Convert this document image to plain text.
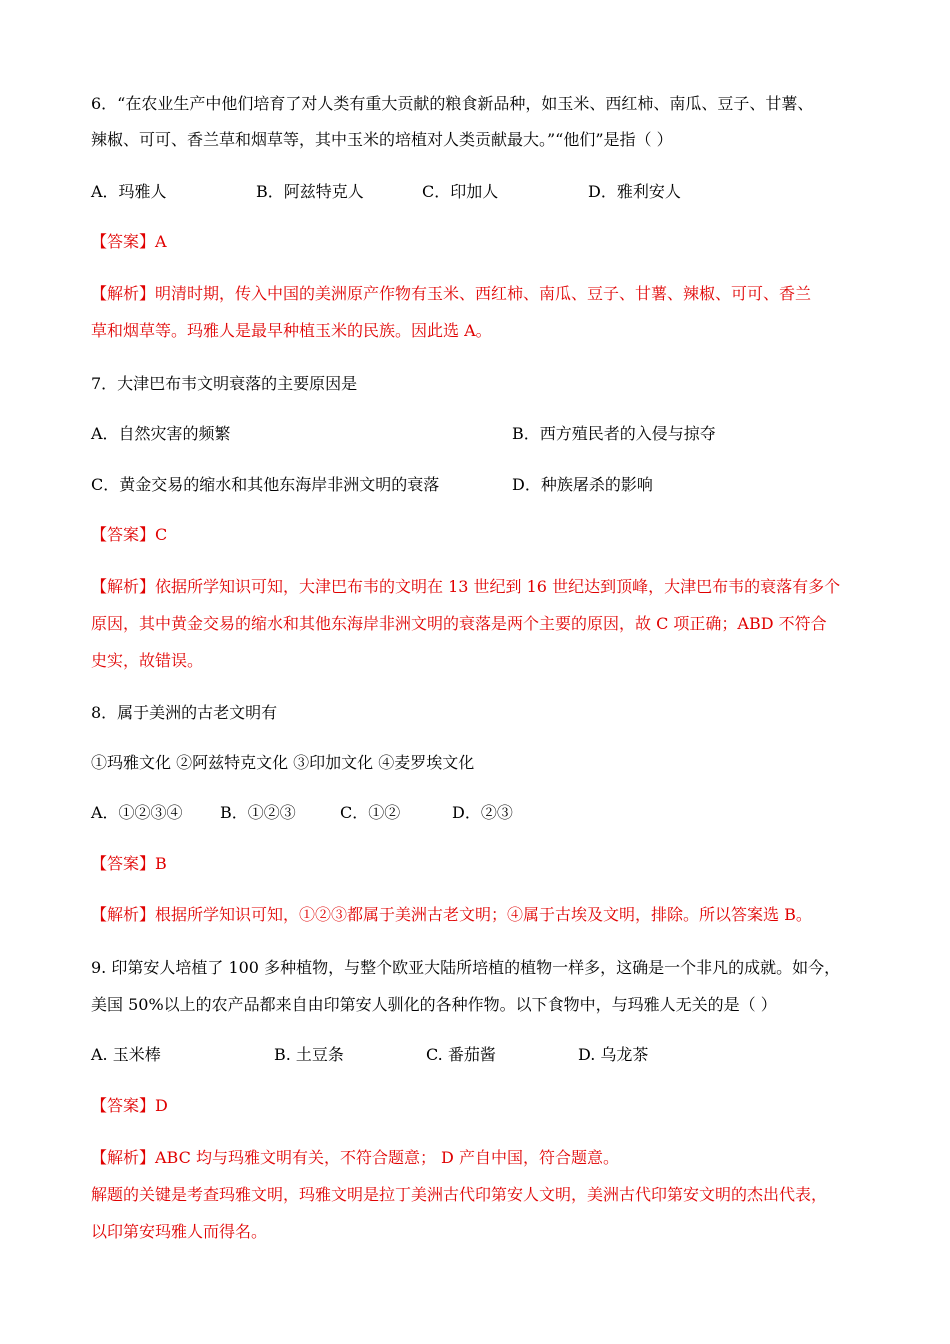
6．“在农业生产中他们培育了对人类有重大贡献的粮食新品种，如玉米、西红柿、南瓜、豆子、甘薯、
辣椒、可可、香兰草和烟草等，其中玉米的培植对人类贡献最大。”“他们”是指（ ）
A．玛雅人	B．阿兹特克人	C．印加人	D．雅利安人
【答案】A
【解析】明清时期，传入中国的美洲原产作物有玉米、西红柿、南瓜、豆子、甘薯、辣椒、可可、香兰
草和烟草等。玛雅人是最早种植玉米的民族。因此选 A。
7．大津巴布韦文明衰落的主要原因是
A．自然灾害的频繁	B．西方殖民者的入侵与掠夺
C．黄金交易的缩水和其他东海岸非洲文明的衰落	D．种族屠杀的影响
【答案】C
【解析】依据所学知识可知，大津巴布韦的文明在 13 世纪到 16 世纪达到顶峰，大津巴布韦的衰落有多个
原因，其中黄金交易的缩水和其他东海岸非洲文明的衰落是两个主要的原因，故 C 项正确；ABD 不符合
史实，故错误。
8．属于美洲的古老文明有
①玛雅文化 ②阿兹特克文化 ③印加文化 ④麦罗埃文化
A．①②③④ B．①②③	C．①②	D．②③
【答案】B
【解析】根据所学知识可知，①②③都属于美洲古老文明；④属于古埃及文明，排除。所以答案选 B。
9. 印第安人培植了 100 多种植物，与整个欧亚大陆所培植的植物一样多，这确是一个非凡的成就。如今，
美国 50%以上的农产品都来自由印第安人驯化的各种作物。以下食物中，与玛雅人无关的是（ ）
A. 玉米棒	B. 土豆条	C. 番茄酱	D. 乌龙茶
【答案】D
【解析】ABC 均与玛雅文明有关，不符合题意； D 产自中国，符合题意。
解题的关键是考查玛雅文明，玛雅文明是拉丁美洲古代印第安人文明，美洲古代印第安文明的杰出代表，
以印第安玛雅人而得名。
